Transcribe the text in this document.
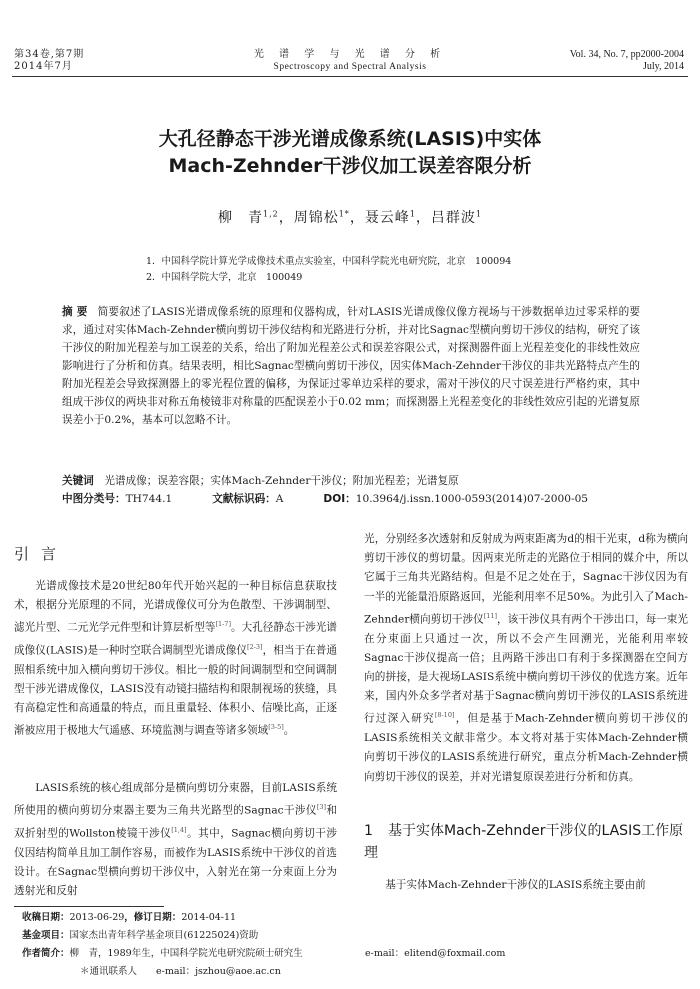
第34卷,第7期
2014年7月
光 谱 学 与 光 谱 分 析
Spectroscopy and Spectral Analysis
Vol. 34, No. 7, pp2000-2004
July, 2014
大孔径静态干涉光谱成像系统(LASIS)中实体
Mach-Zehnder干涉仪加工误差容限分析
柳　青$^{1,2}$，周锦松$^{1*}$，聂云峰$^1$，吕群波$^1$
1．中国科学院计算光学成像技术重点实验室，中国科学院光电研究院，北京　100094
2．中国科学院大学，北京　100049
摘要 简要叙述了LASIS光谱成像系统的原理和仪器构成，针对LASIS光谱成像仪像方视场与干涉数据单边过零采样的要求，通过对实体Mach-Zehnder横向剪切干涉仪结构和光路进行分析，并对比Sagnac型横向剪切干涉仪的结构，研究了该干涉仪的附加光程差与加工误差的关系，给出了附加光程差公式和误差容限公式，对探测器件面上光程差变化的非线性效应影响进行了分析和仿真。结果表明，相比Sagnac型横向剪切干涉仪，因实体Mach-Zehnder干涉仪的非共光路特点产生的附加光程差会导致探测器上的零光程位置的偏移，为保证过零单边采样的要求，需对干涉仪的尺寸误差进行严格约束，其中组成干涉仪的两块非对称五角棱镜非对称量的匹配误差小于0.02 mm；而探测器上光程差变化的非线性效应引起的光谱复原误差小于0.2%，基本可以忽略不计。
关键词　 光谱成像；误差容限；实体Mach-Zehnder干涉仪；附加光程差；光谱复原
中图分类号：TH744.1	文献标识码：A	DOI：10.3964/j.issn.1000-0593(2014)07-2000-05
引言

光谱成像技术是20世纪80年代开始兴起的一种目标信息获取技术，根据分光原理的不同，光谱成像仪可分为色散型、干涉调制型、滤光片型、二元光学元件型和计算层析型等[1-7]。大孔径静态干涉光谱成像仪(LASIS)是一种时空联合调制型光谱成像仪[2-3]，相当于在普通照相系统中加入横向剪切干涉仪。相比一般的时间调制型和空间调制型干涉光谱成像仪，LASIS没有动镜扫描结构和限制视场的狭缝，具有高稳定性和高通量的特点，而且重量轻、体积小、信噪比高，正逐渐被应用于极地大气遥感、环境监测与调查等诸多领域[3-5]。

LASIS系统的核心组成部分是横向剪切分束器，目前LASIS系统所使用的横向剪切分束器主要为三角共光路型的Sagnac干涉仪[3]和双折射型的Wollston棱镜干涉仪[1,4]。其中，Sagnac横向剪切干涉仪因结构简单且加工制作容易，而被作为LASIS系统中干涉仪的首选设计。在Sagnac型横向剪切干涉仪中，入射光在第一分束面上分为透射光和反射

光，分别经多次透射和反射成为两束距离为d的相干光束，d称为横向剪切干涉仪的剪切量。因两束光所走的光路位于相同的媒介中，所以它属于三角共光路结构。但是不足之处在于，Sagnac干涉仪因为有一半的光能量沿原路返回，光能利用率不足50%。为此引入了Mach-Zehnder横向剪切干涉仪[11]，该干涉仪具有两个干涉出口，每一束光在分束面上只通过一次，所以不会产生回溯光，光能利用率较Sagnac干涉仪提高一倍；且两路干涉出口有利于多探测器在空间方向的拼接，是大视场LASIS系统中横向剪切干涉仪的优选方案。近年来，国内外众多学者对基于Sagnac横向剪切干涉仪的LASIS系统进行过深入研究[8-10]，但是基于Mach-Zehnder横向剪切干涉仪的LASIS系统相关文献非常少。本文将对基于实体Mach-Zehnder横向剪切干涉仪的LASIS系统进行研究，重点分析Mach-Zehnder横向剪切干涉仪的误差，并对光谱复原误差进行分析和仿真。

1 基于实体Mach-Zehnder干涉仪的LASIS工作原理

基于实体Mach-Zehnder干涉仪的LASIS系统主要由前

收稿日期：2013-06-29，修订日期：2014-04-11
基金项目：国家杰出青年科学基金项目(61225024)资助
作者简介：柳　青，1989年生，中国科学院光电研究院硕士研究生	e-mail：elitend@foxmail.com
＊通讯联系人　　e-mail：jszhou@aoe.ac.cn
